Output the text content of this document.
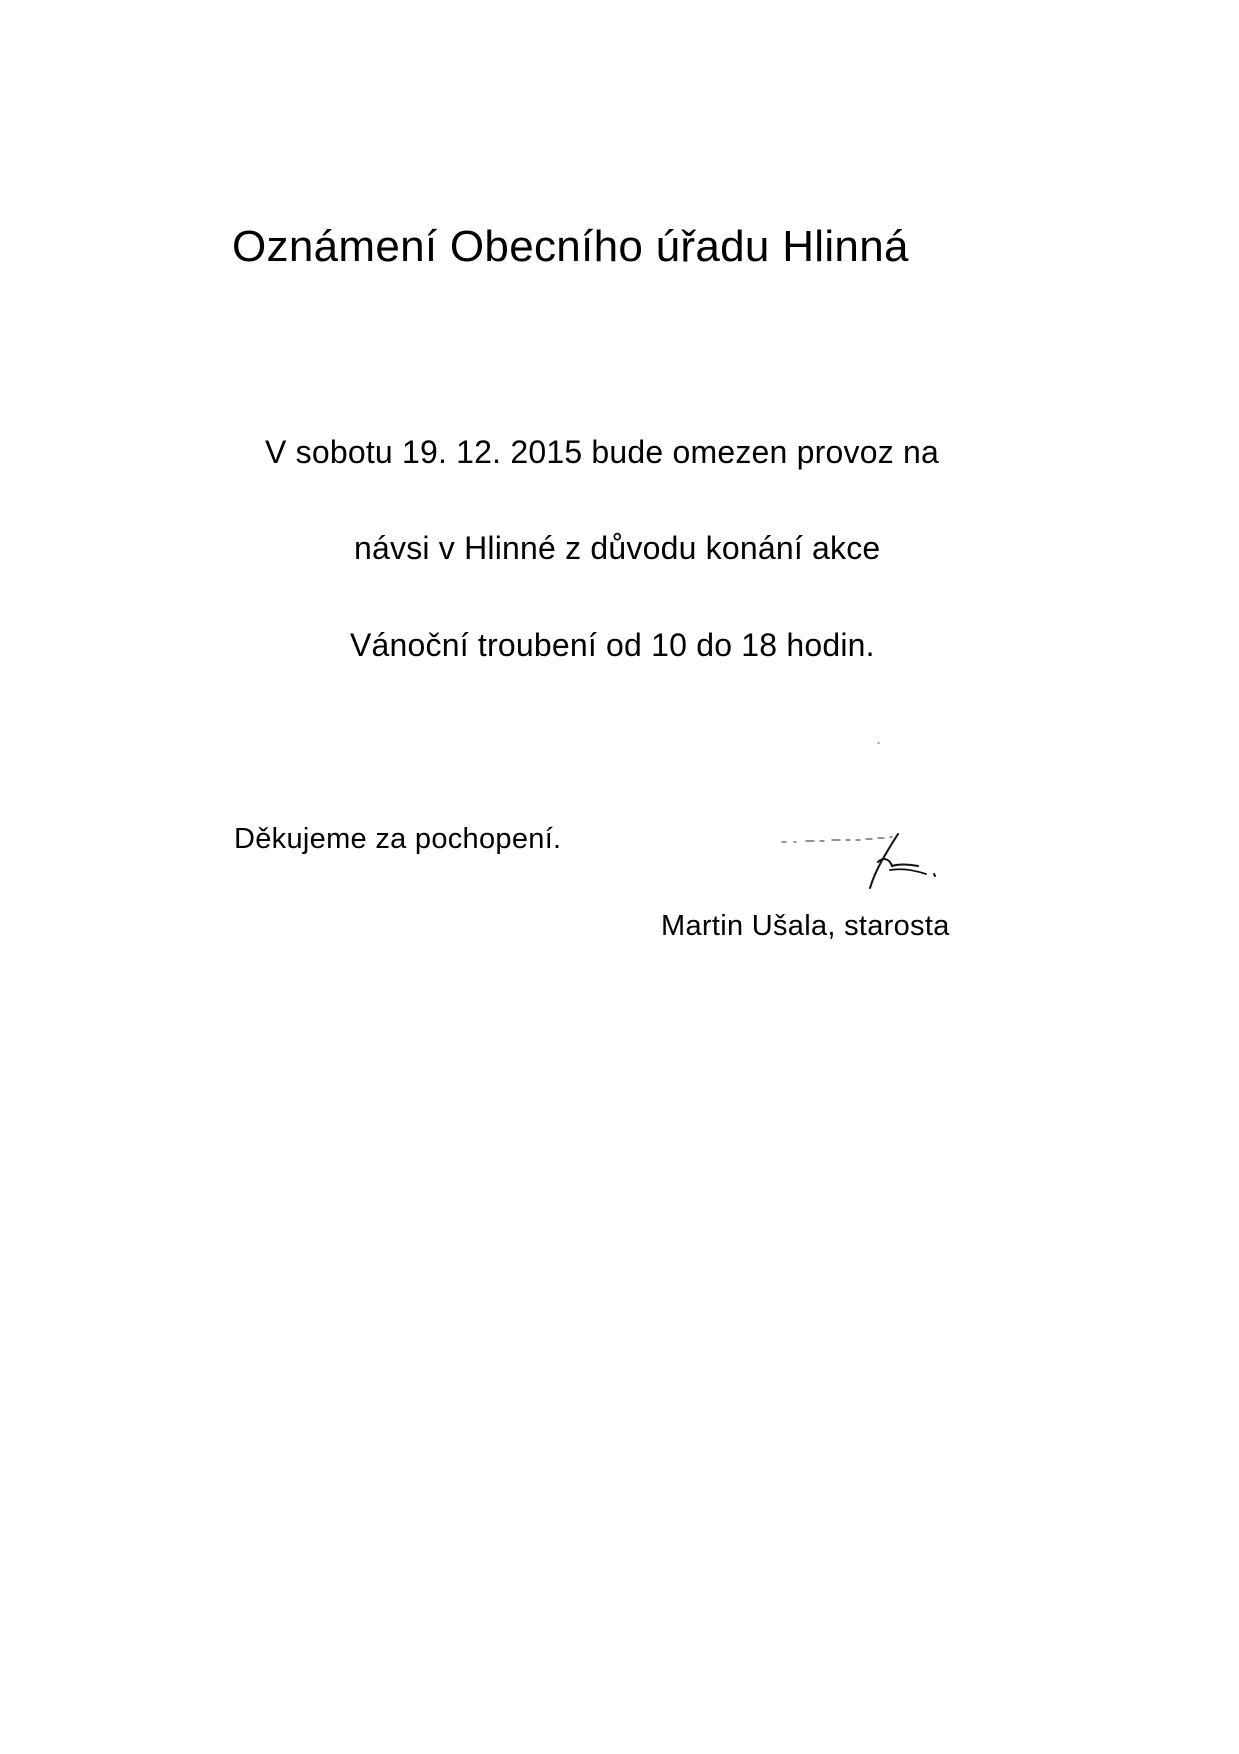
Oznámení Obecního úřadu Hlinná

V sobotu 19. 12. 2015 bude omezen provoz na

návsi v Hlinné z důvodu konání akce

Vánoční troubení od 10 do 18 hodin.

Děkujeme za pochopení.

Martin Ušala, starosta
